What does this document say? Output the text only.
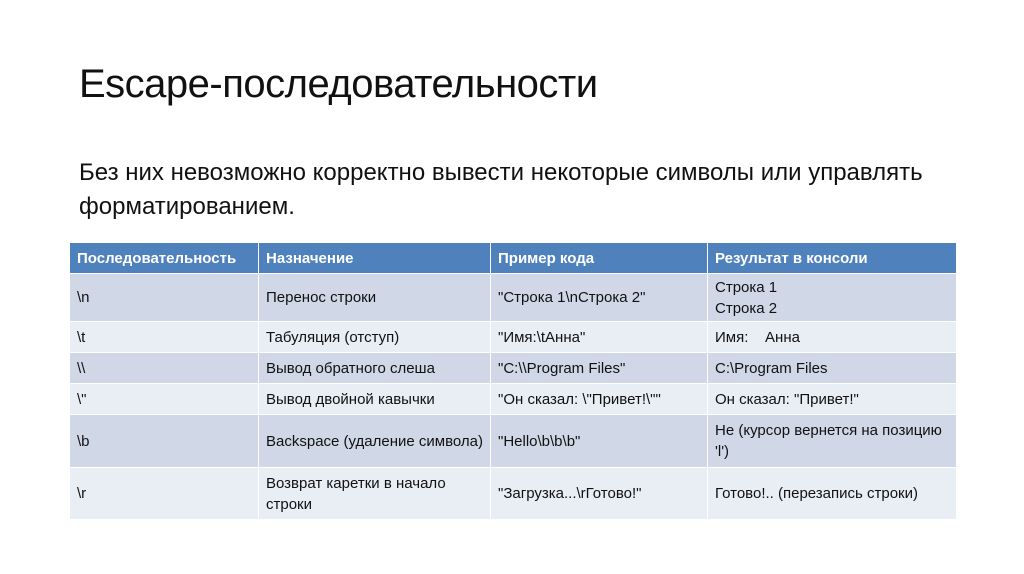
Escape-последовательности
Без них невозможно корректно вывести некоторые символы или управлять форматированием.
Последовательность	Назначение	Пример кода	Результат в консоли
\n	Перенос строки	"Строка 1\nСтрока 2"	Строка 1
Строка 2
\t	Табуляция (отступ)	"Имя:\tАнна"	Имя:    Анна
\\	Вывод обратного слеша	"C:\\Program Files"	C:\Program Files
\"	Вывод двойной кавычки	"Он сказал: \"Привет!\""	Он сказал: "Привет!"
\b	Backspace (удаление символа)	"Hello\b\b\b"	Не (курсор вернется на позицию 'l')
\r	Возврат каретки в начало строки	"Загрузка...\rГотово!"	Готово!.. (перезапись строки)
